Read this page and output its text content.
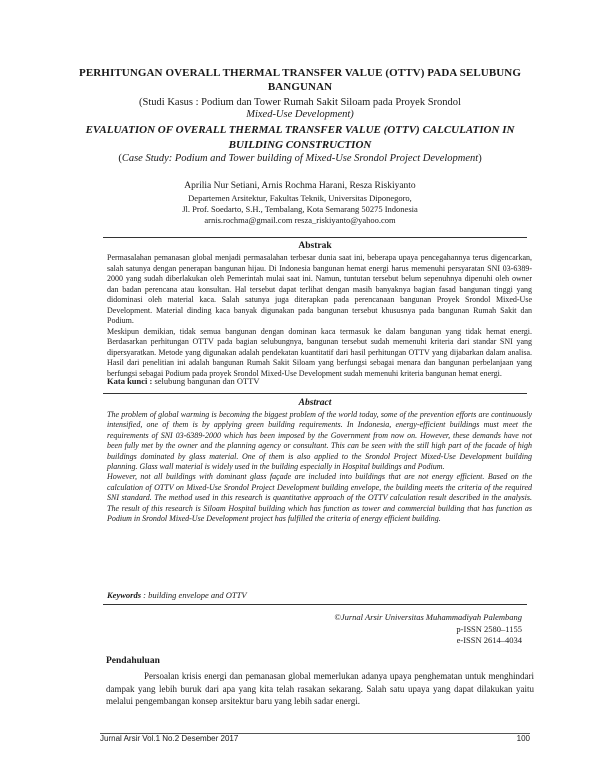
PERHITUNGAN OVERALL THERMAL TRANSFER VALUE (OTTV) PADA SELUBUNG BANGUNAN
(Studi Kasus : Podium dan Tower Rumah Sakit Siloam pada Proyek Srondol
Mixed-Use Development)
EVALUATION OF OVERALL THERMAL TRANSFER VALUE (OTTV) CALCULATION IN BUILDING CONSTRUCTION
(Case Study: Podium and Tower building of Mixed-Use Srondol Project Development)
Aprilia Nur Setiani, Arnis Rochma Harani, Resza Riskiyanto
Departemen Arsitektur, Fakultas Teknik, Universitas Diponegoro,
Jl. Prof. Soedarto, S.H., Tembalang, Kota Semarang 50275 Indonesia
arnis.rochma@gmail.com resza_riskiyanto@yahoo.com
Abstrak

Permasalahan pemanasan global menjadi permasalahan terbesar dunia saat ini, beberapa upaya pencegahannya terus digencarkan, salah satunya dengan penerapan bangunan hijau. Di Indonesia bangunan hemat energi harus memenuhi persyaratan SNI 03-6389-2000 yang sudah diberlakukan oleh Pemerintah mulai saat ini. Namun, tuntutan tersebut belum sepenuhnya dipenuhi oleh owner dan badan perencana atau konsultan. Hal tersebut dapat terlihat dengan masih banyaknya bagian fasad bangunan tinggi yang didominasi oleh material kaca. Salah satunya juga diterapkan pada perencanaan bangunan Proyek Srondol Mixed-Use Development. Material dinding kaca banyak digunakan pada bangunan tersebut khususnya pada bangunan Rumah Sakit dan Podium.

Meskipun demikian, tidak semua bangunan dengan dominan kaca termasuk ke dalam bangunan yang tidak hemat energi. Berdasarkan perhitungan OTTV pada bagian selubungnya, bangunan tersebut sudah memenuhi kriteria dari standar SNI yang dipersyaratkan. Metode yang digunakan adalah pendekatan kuantitatif dari hasil perhitungan OTTV yang dijabarkan dalam analisa. Hasil dari penelitian ini adalah bangunan Rumah Sakit Siloam yang berfungsi sebagai menara dan bangunan perbelanjaan yang berfungsi sebagai Podium pada proyek Srondol Mixed-Use Development sudah memenuhi kriteria bangunan hemat energi.

Kata kunci : selubung bangunan dan OTTV
Abstract

The problem of global warming is becoming the biggest problem of the world today, some of the prevention efforts are continuously intensified, one of them is by applying green building requirements. In Indonesia, energy-efficient buildings must meet the requirements of SNI 03-6389-2000 which has been imposed by the Government from now on. However, these demands have not been fully met by the owner and the planning agency or consultant. This can be seen with the still high part of the facade of high buildings dominated by glass material. One of them is also applied to the Srondol Project Mixed-Use Development building planning. Glass wall material is widely used in the building especially in Hospital buildings and Podium.

However, not all buildings with dominant glass façade are included into buildings that are not energy efficient. Based on the calculation of OTTV on Mixed-Use Srondol Project Development building envelope, the building meets the criteria of the required SNI standard. The method used in this research is quantitative approach of the OTTV calculation result described in the analysis. The result of this research is Siloam Hospital building which has function as tower and commercial building that has function as Podium in Srondol Mixed-Use Development project has fulfilled the criteria of energy efficient building.

Keywords : building envelope and OTTV
©Jurnal Arsir Universitas Muhammadiyah Palembang
p-ISSN 2580–1155
e-ISSN 2614–4034
Pendahuluan
Persoalan krisis energi dan pemanasan global memerlukan adanya upaya penghematan untuk menghindari dampak yang lebih buruk dari apa yang kita telah rasakan sekarang. Salah satu upaya yang dapat dilakukan yaitu melalui pengembangan konsep arsitektur baru yang lebih sadar energi.
Jurnal Arsir Vol.1 No.2 Desember 2017	100
